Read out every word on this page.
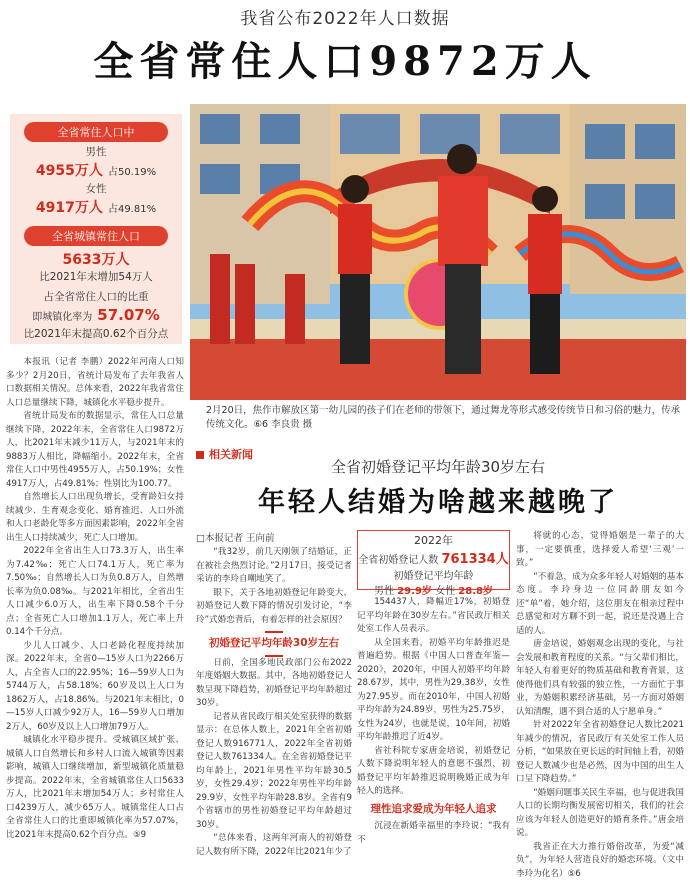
我省公布2022年人口数据
全省常住人口9872万人
全省常住人口中
男性
4955万人 占50.19%
女性
4917万人 占49.81%
全省城镇常住人口
5633万人
比2021年末增加54万人
占全省常住人口的比重
即城镇化率为 57.07%
比2021年末提高0.62个百分点
2月20日，焦作市解放区第一幼儿园的孩子们在老师的带领下，通过舞龙等形式感受传统节日和习俗的魅力，传承传统文化。⑥6 李良贵 摄

本报讯（记者 李鹏）2022年河南人口知多少？2月20日，省统计局发布了去年我省人口数据相关情况。总体来看，2022年我省常住人口总量继续下降，城镇化水平稳步提升。

省统计局发布的数据显示，常住人口总量继续下降，2022年末，全省常住人口9872万人，比2021年末减少11万人，与2021年末的9883万人相比，降幅缩小。2022年末，全省常住人口中男性4955万人，占50.19%；女性4917万人，占49.81%；性别比为100.77。

自然增长人口出现负增长，受育龄妇女持续减少、生育观念变化、婚育推迟、人口外流和人口老龄化等多方面因素影响，2022年全省出生人口持续减少，死亡人口增加。

2022年全省出生人口73.3万人，出生率为7.42‰；死亡人口74.1万人，死亡率为7.50‰；自然增长人口为负0.8万人，自然增长率为负0.08‰。与2021年相比，全省出生人口减少6.0万人，出生率下降0.58个千分点；全省死亡人口增加1.1万人，死亡率上升0.14个千分点。

少儿人口减少、人口老龄化程度持续加深。2022年末，全省0—15岁人口为2266万人，占全省人口的22.95%；16—59岁人口为5744万人，占58.18%；60岁及以上人口为1862万人，占18.86%。与2021年末相比，0—15岁人口减少92万人，16—59岁人口增加2万人，60岁及以上人口增加79万人。

城镇化水平稳步提升。受城镇区域扩张、城镇人口自然增长和乡村人口流入城镇等因素影响，城镇人口继续增加，新型城镇化质量稳步提高。2022年末，全省城镇常住人口5633万人，比2021年末增加54万人；乡村常住人口4239万人，减少65万人。城镇常住人口占全省常住人口的比重即城镇化率为57.07%，比2021年末提高0.62个百分点。⑤9

相关新闻
全省初婚登记平均年龄30岁左右
年轻人结婚为啥越来越晚了
□本报记者 王向前	2022年
全省初婚登记人数 761334人
初婚登记平均年龄
男性 29.9岁 女性 28.8岁

“我32岁，前几天刚领了结婚证，正在被社会热烈讨论。”2月17日，接受记者采访的李玲自嘲地笑了。

眼下，关于各地初婚登记年龄变大、初婚登记人数下降的情况引发讨论，“李玲”式婚恋背后，有着怎样的社会原因？

初婚登记平均年龄30岁左右

日前，全国多地民政部门公布2022年度婚姻大数据。其中，各地初婚登记人数呈现下降趋势，初婚登记平均年龄超过30岁。

记者从省民政厅相关处室获得的数据显示：在总体人数上，2021年全省初婚登记人数916771人，2022年全省初婚登记人数761334人。在全省初婚登记平均年龄上，2021年男性平均年龄30.5岁，女性29.4岁；2022年男性平均年龄29.9岁，女性平均年龄28.8岁。全省有9个省辖市的男性初婚登记平均年龄超过30岁。

“总体来看，这两年河南人的初婚登记人数有所下降，2022年比2021年少了

154437人，降幅近17%，初婚登记平均年龄在30岁左右。”省民政厅相关处室工作人员表示。

从全国来看，初婚平均年龄推迟是普遍趋势。根据《中国人口普查年鉴—2020》，2020年，中国人初婚平均年龄28.67岁，其中，男性为29.38岁，女性为27.95岁。而在2010年，中国人初婚平均年龄为24.89岁，男性为25.75岁，女性为24岁，也就是说，10年间，初婚平均年龄推迟了近4岁。

省社科院专家唐金培说，初婚登记人数下降说明年轻人的意愿不强烈，初婚登记平均年龄推迟说明晚婚正成为年轻人的选择。

理性追求爱成为年轻人追求

沉浸在新婚幸福里的李玲说：“我有不

将就的心态，觉得婚姻是一辈子的大事，一定要慎重，选择爱人希望‘三观’一致。”

“不着急，成为众多年轻人对婚姻的基本态度。李玲身边一位同龄朋友如今还“单”着，她介绍，这位朋友在相亲过程中总感觉和对方聊不到一起，说还是没遇上合适的人。

唐金培说，婚姻观念出现的变化，与社会发展和教育程度的关系。“与父辈们相比，年轻人有着更好的物质基础和教育背景，这使得他们具有较强的独立性，一方面忙于事业，为婚姻积累经济基础，另一方面对婚姻认知清醒，遇不到合适的人宁愿单身。”

针对2022年全省初婚登记人数比2021年减少的情况，省民政厅有关处室工作人员分析，“如果放在更长远的时间轴上看，初婚登记人数减少也是必然，因为中国的出生人口呈下降趋势。”

“婚姻问题事关民生幸福，也与促进我国人口的长期均衡发展密切相关，我们的社会应该为年轻人创造更好的婚育条件。”唐金培说。

我省正在大力推行婚俗改革，为爱“减负”，为年轻人营造良好的婚恋环境。（文中李玲为化名）⑤6
